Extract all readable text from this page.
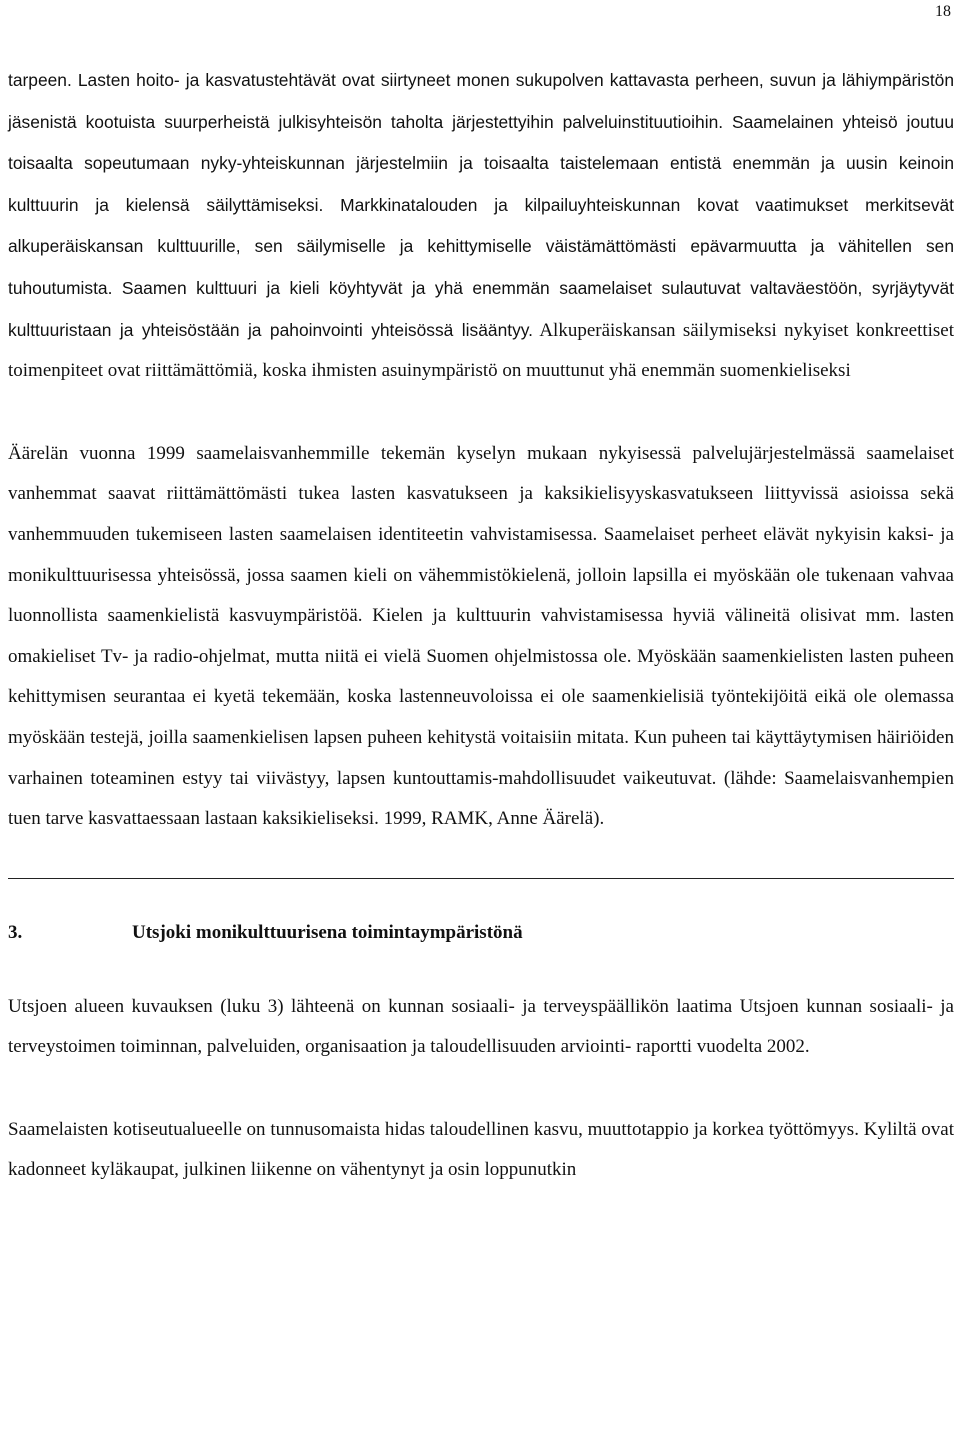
18

tarpeen. Lasten hoito- ja kasvatustehtävät ovat siirtyneet monen sukupolven kattavasta perheen, suvun ja lähiympäristön jäsenistä kootuista suurperheistä julkisyhteisön taholta järjestettyihin palveluinstituutioihin. Saamelainen yhteisö joutuu toisaalta sopeutumaan nyky-yhteiskunnan järjestelmiin ja toisaalta taistelemaan entistä enemmän ja uusin keinoin kulttuurin ja kielensä säilyttämiseksi. Markkinatalouden ja kilpailuyhteiskunnan kovat vaatimukset merkitsevät alkuperäiskansan kulttuurille, sen säilymiselle ja kehittymiselle väistämättömästi epävarmuutta ja vähitellen sen tuhoutumista. Saamen kulttuuri ja kieli köyhtyvät ja yhä enemmän saamelaiset sulautuvat valtaväestöön, syrjäytyvät kulttuuristaan ja yhteisöstään ja pahoinvointi yhteisössä lisääntyy. Alkuperäiskansan säilymiseksi nykyiset konkreettiset toimenpiteet ovat riittämättömiä, koska ihmisten asuinympäristö on muuttunut yhä enemmän suomenkieliseksi

Äärelän vuonna 1999 saamelaisvanhemmille tekemän kyselyn mukaan nykyisessä palvelujärjestelmässä saamelaiset vanhemmat saavat riittämättömästi tukea lasten kasvatukseen ja kaksikielisyyskasvatukseen liittyvissä asioissa sekä vanhemmuuden tukemiseen lasten saamelaisen identiteetin vahvistamisessa. Saamelaiset perheet elävät nykyisin kaksi- ja monikulttuurisessa yhteisössä, jossa saamen kieli on vähemmistökielenä, jolloin lapsilla ei myöskään ole tukenaan vahvaa luonnollista saamenkielistä kasvuympäristöä. Kielen ja kulttuurin vahvistamisessa hyviä välineitä olisivat mm. lasten omakieliset Tv- ja radio-ohjelmat, mutta niitä ei vielä Suomen ohjelmistossa ole. Myöskään saamenkielisten lasten puheen kehittymisen seurantaa ei kyetä tekemään, koska lastenneuvoloissa ei ole saamenkielisiä työntekijöitä eikä ole olemassa myöskään testejä, joilla saamenkielisen lapsen puheen kehitystä voitaisiin mitata. Kun puheen tai käyttäytymisen häiriöiden varhainen toteaminen estyy tai viivästyy, lapsen kuntouttamis-mahdollisuudet vaikeutuvat. (lähde: Saamelaisvanhempien tuen tarve kasvattaessaan lastaan kaksikieliseksi. 1999, RAMK, Anne Äärelä).

3.	Utsjoki monikulttuurisena toimintaympäristönä

Utsjoen alueen kuvauksen (luku 3) lähteenä on kunnan sosiaali- ja terveyspäällikön laatima Utsjoen kunnan sosiaali- ja terveystoimen toiminnan, palveluiden, organisaation ja taloudellisuuden arviointi- raportti vuodelta 2002.

Saamelaisten kotiseutualueelle on tunnusomaista hidas taloudellinen kasvu, muuttotappio ja korkea työttömyys. Kyliltä ovat kadonneet kyläkaupat, julkinen liikenne on vähentynyt ja osin loppunutkin
